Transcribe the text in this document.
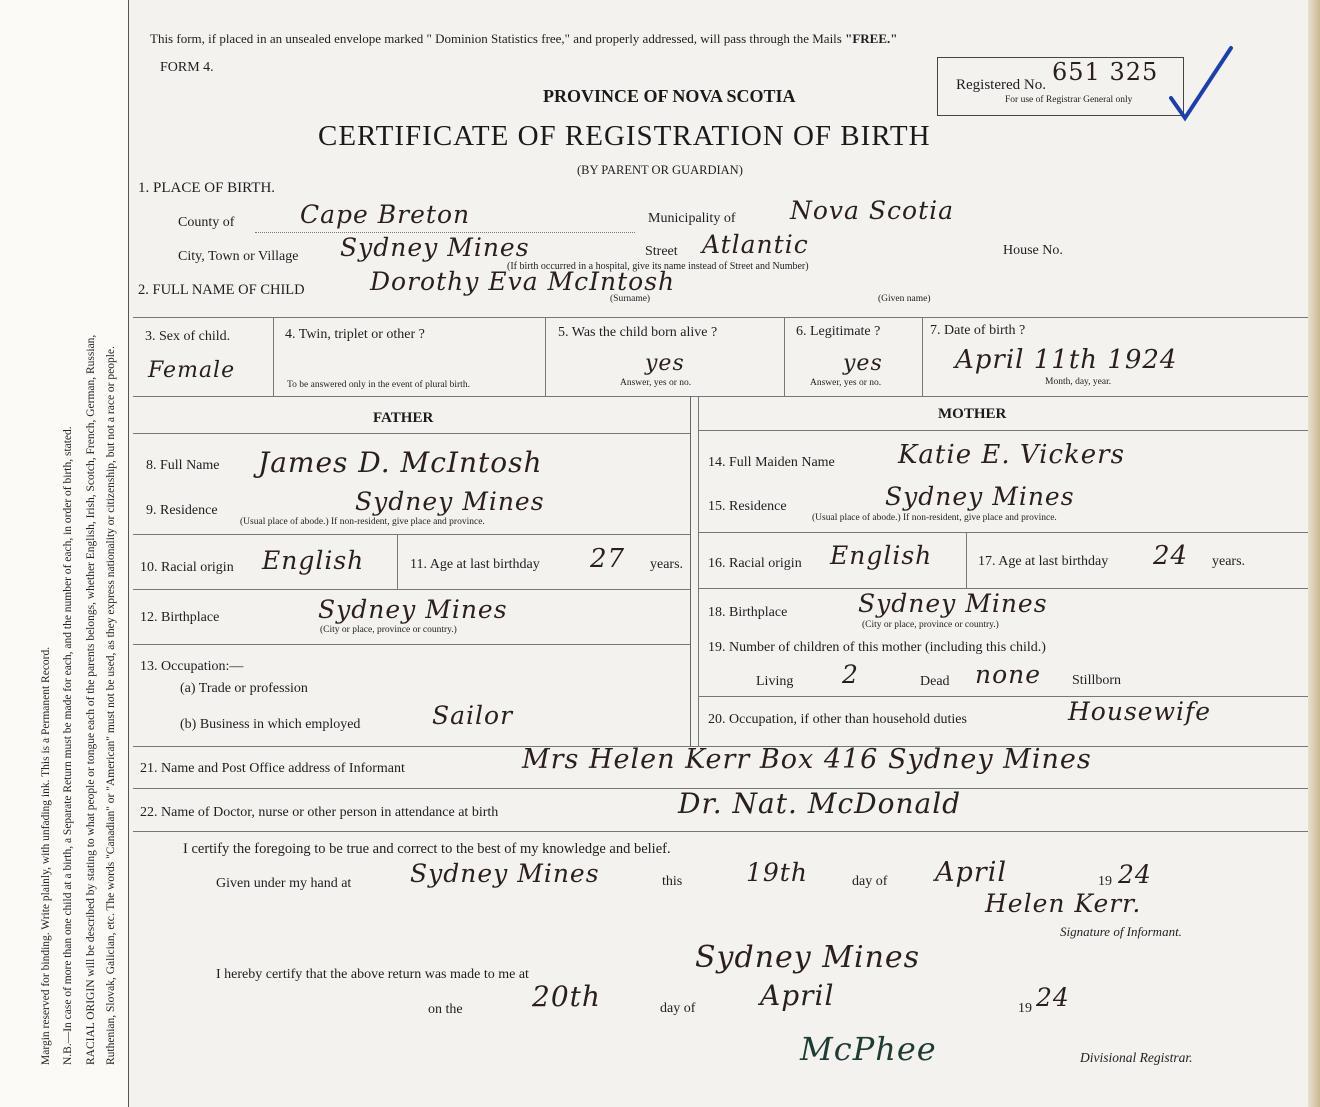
Margin reserved for binding. Write plainly, with unfading ink. This is a Permanent Record. N.B.—In case of more than one child at a birth, a Separate Return must be made for each, and the number of each, in order of birth, stated. RACIAL ORIGIN will be described by stating to what people or tongue each of the parents belongs, whether English, Irish, Scotch, French, German, Russian, Ruthenian, Slovak, Galician, etc. The words "Canadian" or "American" must not be used, as they express nationality or citizenship, but not a race or people.
This form, if placed in an unsealed envelope marked " Dominion Statistics free," and properly addressed, will pass through the Mails "FREE."
FORM 4.
Registered No. 651 325
For use of Registrar General only
PROVINCE OF NOVA SCOTIA
CERTIFICATE OF REGISTRATION OF BIRTH
(BY PARENT OR GUARDIAN)
1. PLACE OF BIRTH.
County of	Cape Breton	Municipality of Nova Scotia
City, Town or Village Sydney Mines	Street Atlantic	House No.
(If birth occurred in a hospital, give its name instead of Street and Number)
2. FULL NAME OF CHILD	Dorothy Eva McIntosh
(Surname)	(Given name)
3. Sex of child.
Female
4. Twin, triplet or other ?
To be answered only in the event of plural birth.
5. Was the child born alive ?
yes
Answer, yes or no.
6. Legitimate ?
yes
Answer, yes or no.
7. Date of birth ?
April 11th 1924
Month, day, year.
FATHER	MOTHER
8. Full Name James D. McIntosh
9. Residence	Sydney Mines
(Usual place of abode.) If non-resident, give place and province.
10. Racial origin English	11. Age at last birthday 27 years.
12. Birthplace	Sydney Mines
(City or place, province or country.)
13. Occupation:—
(a) Trade or profession
(b) Business in which employed	Sailor
14. Full Maiden Name Katie E. Vickers
15. Residence	Sydney Mines
(Usual place of abode.) If non-resident, give place and province.
16. Racial origin English	17. Age at last birthday 24 years.
18. Birthplace	Sydney Mines
(City or place, province or country.)
19. Number of children of this mother (including this child.)
Living 2	Dead none Stillborn
20. Occupation, if other than household duties	Housewife
21. Name and Post Office address of Informant	Mrs Helen Kerr Box 416 Sydney Mines
22. Name of Doctor, nurse or other person in attendance at birth	Dr. Nat. McDonald
I certify the foregoing to be true and correct to the best of my knowledge and belief.
Given under my hand at Sydney Mines	this	19th	day of April	19 24
Helen Kerr.
Signature of Informant.
I hereby certify that the above return was made to me at	Sydney Mines
on the 20th	day of April	19 24
McPhee	Divisional Registrar.
